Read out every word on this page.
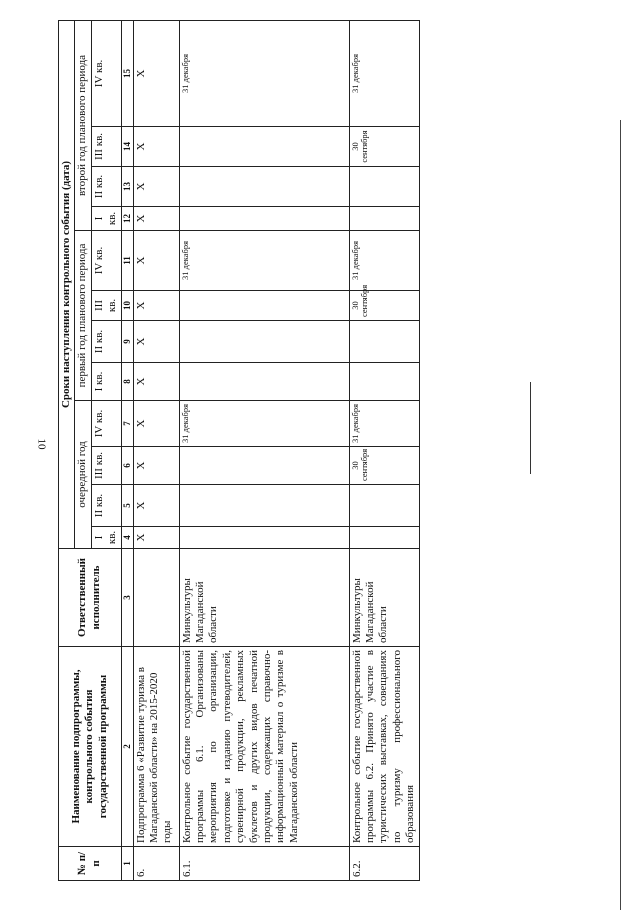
10
№ п/п	Наименование подпрограммы, контрольного события государственной программы	Ответственный исполнитель	Сроки наступления контрольного события (дата)											
			очередной год				первый год планового периода				второй год планового периода			
			I кв.	II кв.	III кв.	IV кв.	I кв.	II кв.	III кв.	IV кв.	I кв.	II кв.	III кв.	IV кв.
1	2	3	4	5	6	7	8	9	10	11	12	13	14	15
6.	Подпрограмма 6 «Развитие туризма в Магаданской области» на 2015-2020 годы		X	X	X	X	X	X	X	X	X	X	X	X
6.1.	Контрольное событие государственной программы 6.1. Организованы мероприятия по организации, подготовке и изданию путеводителей, сувенирной продукции, рекламных буклетов и других видов печатной продукции, содержащих справочно-информационный материал о туризме в Магаданской области	Минкультуры Магаданской области				31 декабря				31 декабря				31 декабря
6.2.	Контрольное событие государственной программы 6.2. Принято участие в туристических выставках, совещаниях по туризму профессионального образования	Минкультуры Магаданской области			30 сентября	31 декабря			30 сентября	31 декабря			30 сентября	31 декабря
